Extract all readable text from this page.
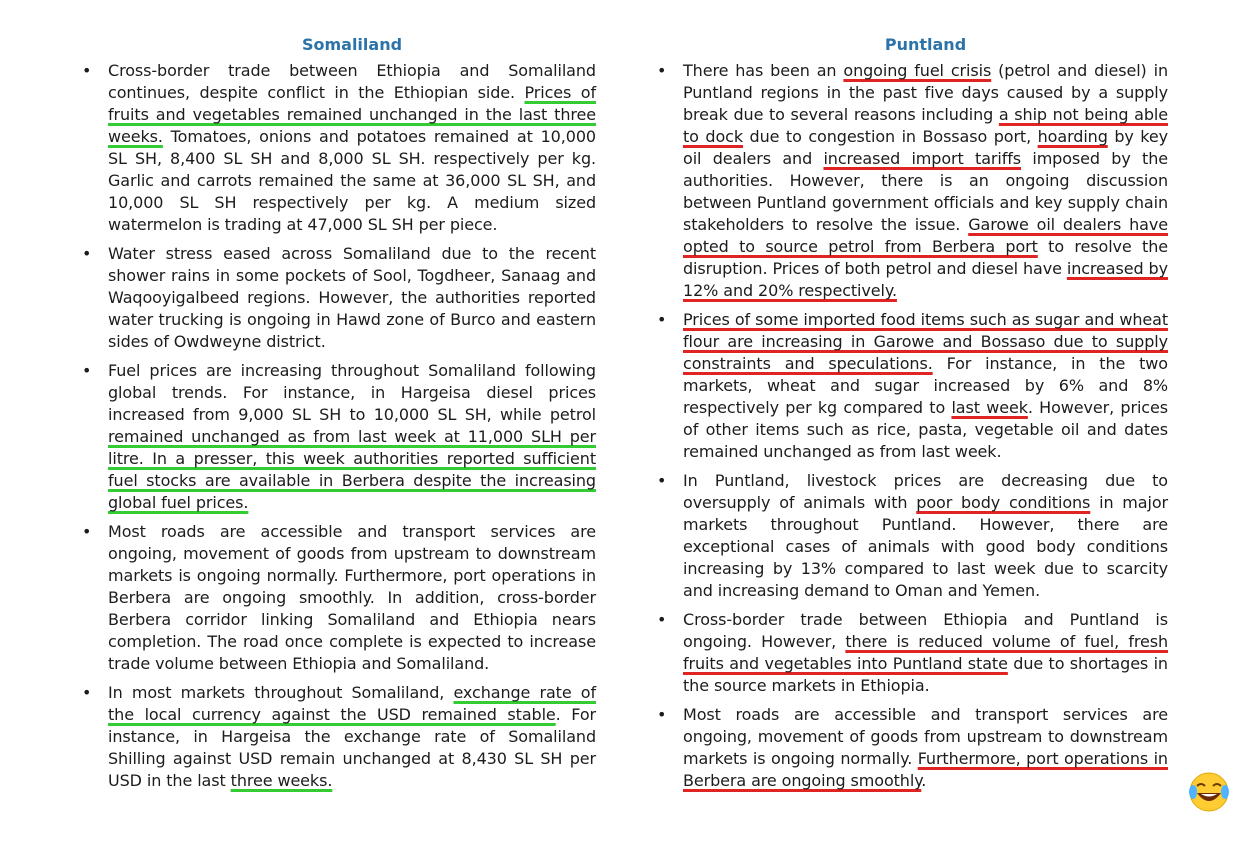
Somaliland
• Cross-border trade between Ethiopia and Somaliland continues, despite conflict in the Ethiopian side. Prices of fruits and vegetables remained unchanged in the last three weeks. Tomatoes, onions and potatoes remained at 10,000 SL SH, 8,400 SL SH and 8,000 SL SH. respectively per kg. Garlic and carrots remained the same at 36,000 SL SH, and 10,000 SL SH respectively per kg. A medium sized watermelon is trading at 47,000 SL SH per piece.
• Water stress eased across Somaliland due to the recent shower rains in some pockets of Sool, Togdheer, Sanaag and Waqooyigalbeed regions. However, the authorities reported water trucking is ongoing in Hawd zone of Burco and eastern sides of Owdweyne district.
• Fuel prices are increasing throughout Somaliland following global trends. For instance, in Hargeisa diesel prices increased from 9,000 SL SH to 10,000 SL SH, while petrol remained unchanged as from last week at 11,000 SLH per litre. In a presser, this week authorities reported sufficient fuel stocks are available in Berbera despite the increasing global fuel prices.
• Most roads are accessible and transport services are ongoing, movement of goods from upstream to downstream markets is ongoing normally. Furthermore, port operations in Berbera are ongoing smoothly. In addition, cross-border Berbera corridor linking Somaliland and Ethiopia nears completion. The road once complete is expected to increase trade volume between Ethiopia and Somaliland.
• In most markets throughout Somaliland, exchange rate of the local currency against the USD remained stable. For instance, in Hargeisa the exchange rate of Somaliland Shilling against USD remain unchanged at 8,430 SL SH per USD in the last three weeks.
Puntland
• There has been an ongoing fuel crisis (petrol and diesel) in Puntland regions in the past five days caused by a supply break due to several reasons including a ship not being able to dock due to congestion in Bossaso port, hoarding by key oil dealers and increased import tariffs imposed by the authorities. However, there is an ongoing discussion between Puntland government officials and key supply chain stakeholders to resolve the issue. Garowe oil dealers have opted to source petrol from Berbera port to resolve the disruption. Prices of both petrol and diesel have increased by 12% and 20% respectively.
• Prices of some imported food items such as sugar and wheat flour are increasing in Garowe and Bossaso due to supply constraints and speculations. For instance, in the two markets, wheat and sugar increased by 6% and 8% respectively per kg compared to last week. However, prices of other items such as rice, pasta, vegetable oil and dates remained unchanged as from last week.
• In Puntland, livestock prices are decreasing due to oversupply of animals with poor body conditions in major markets throughout Puntland. However, there are exceptional cases of animals with good body conditions increasing by 13% compared to last week due to scarcity and increasing demand to Oman and Yemen.
• Cross-border trade between Ethiopia and Puntland is ongoing. However, there is reduced volume of fuel, fresh fruits and vegetables into Puntland state due to shortages in the source markets in Ethiopia.
• Most roads are accessible and transport services are ongoing, movement of goods from upstream to downstream markets is ongoing normally. Furthermore, port operations in Berbera are ongoing smoothly.
